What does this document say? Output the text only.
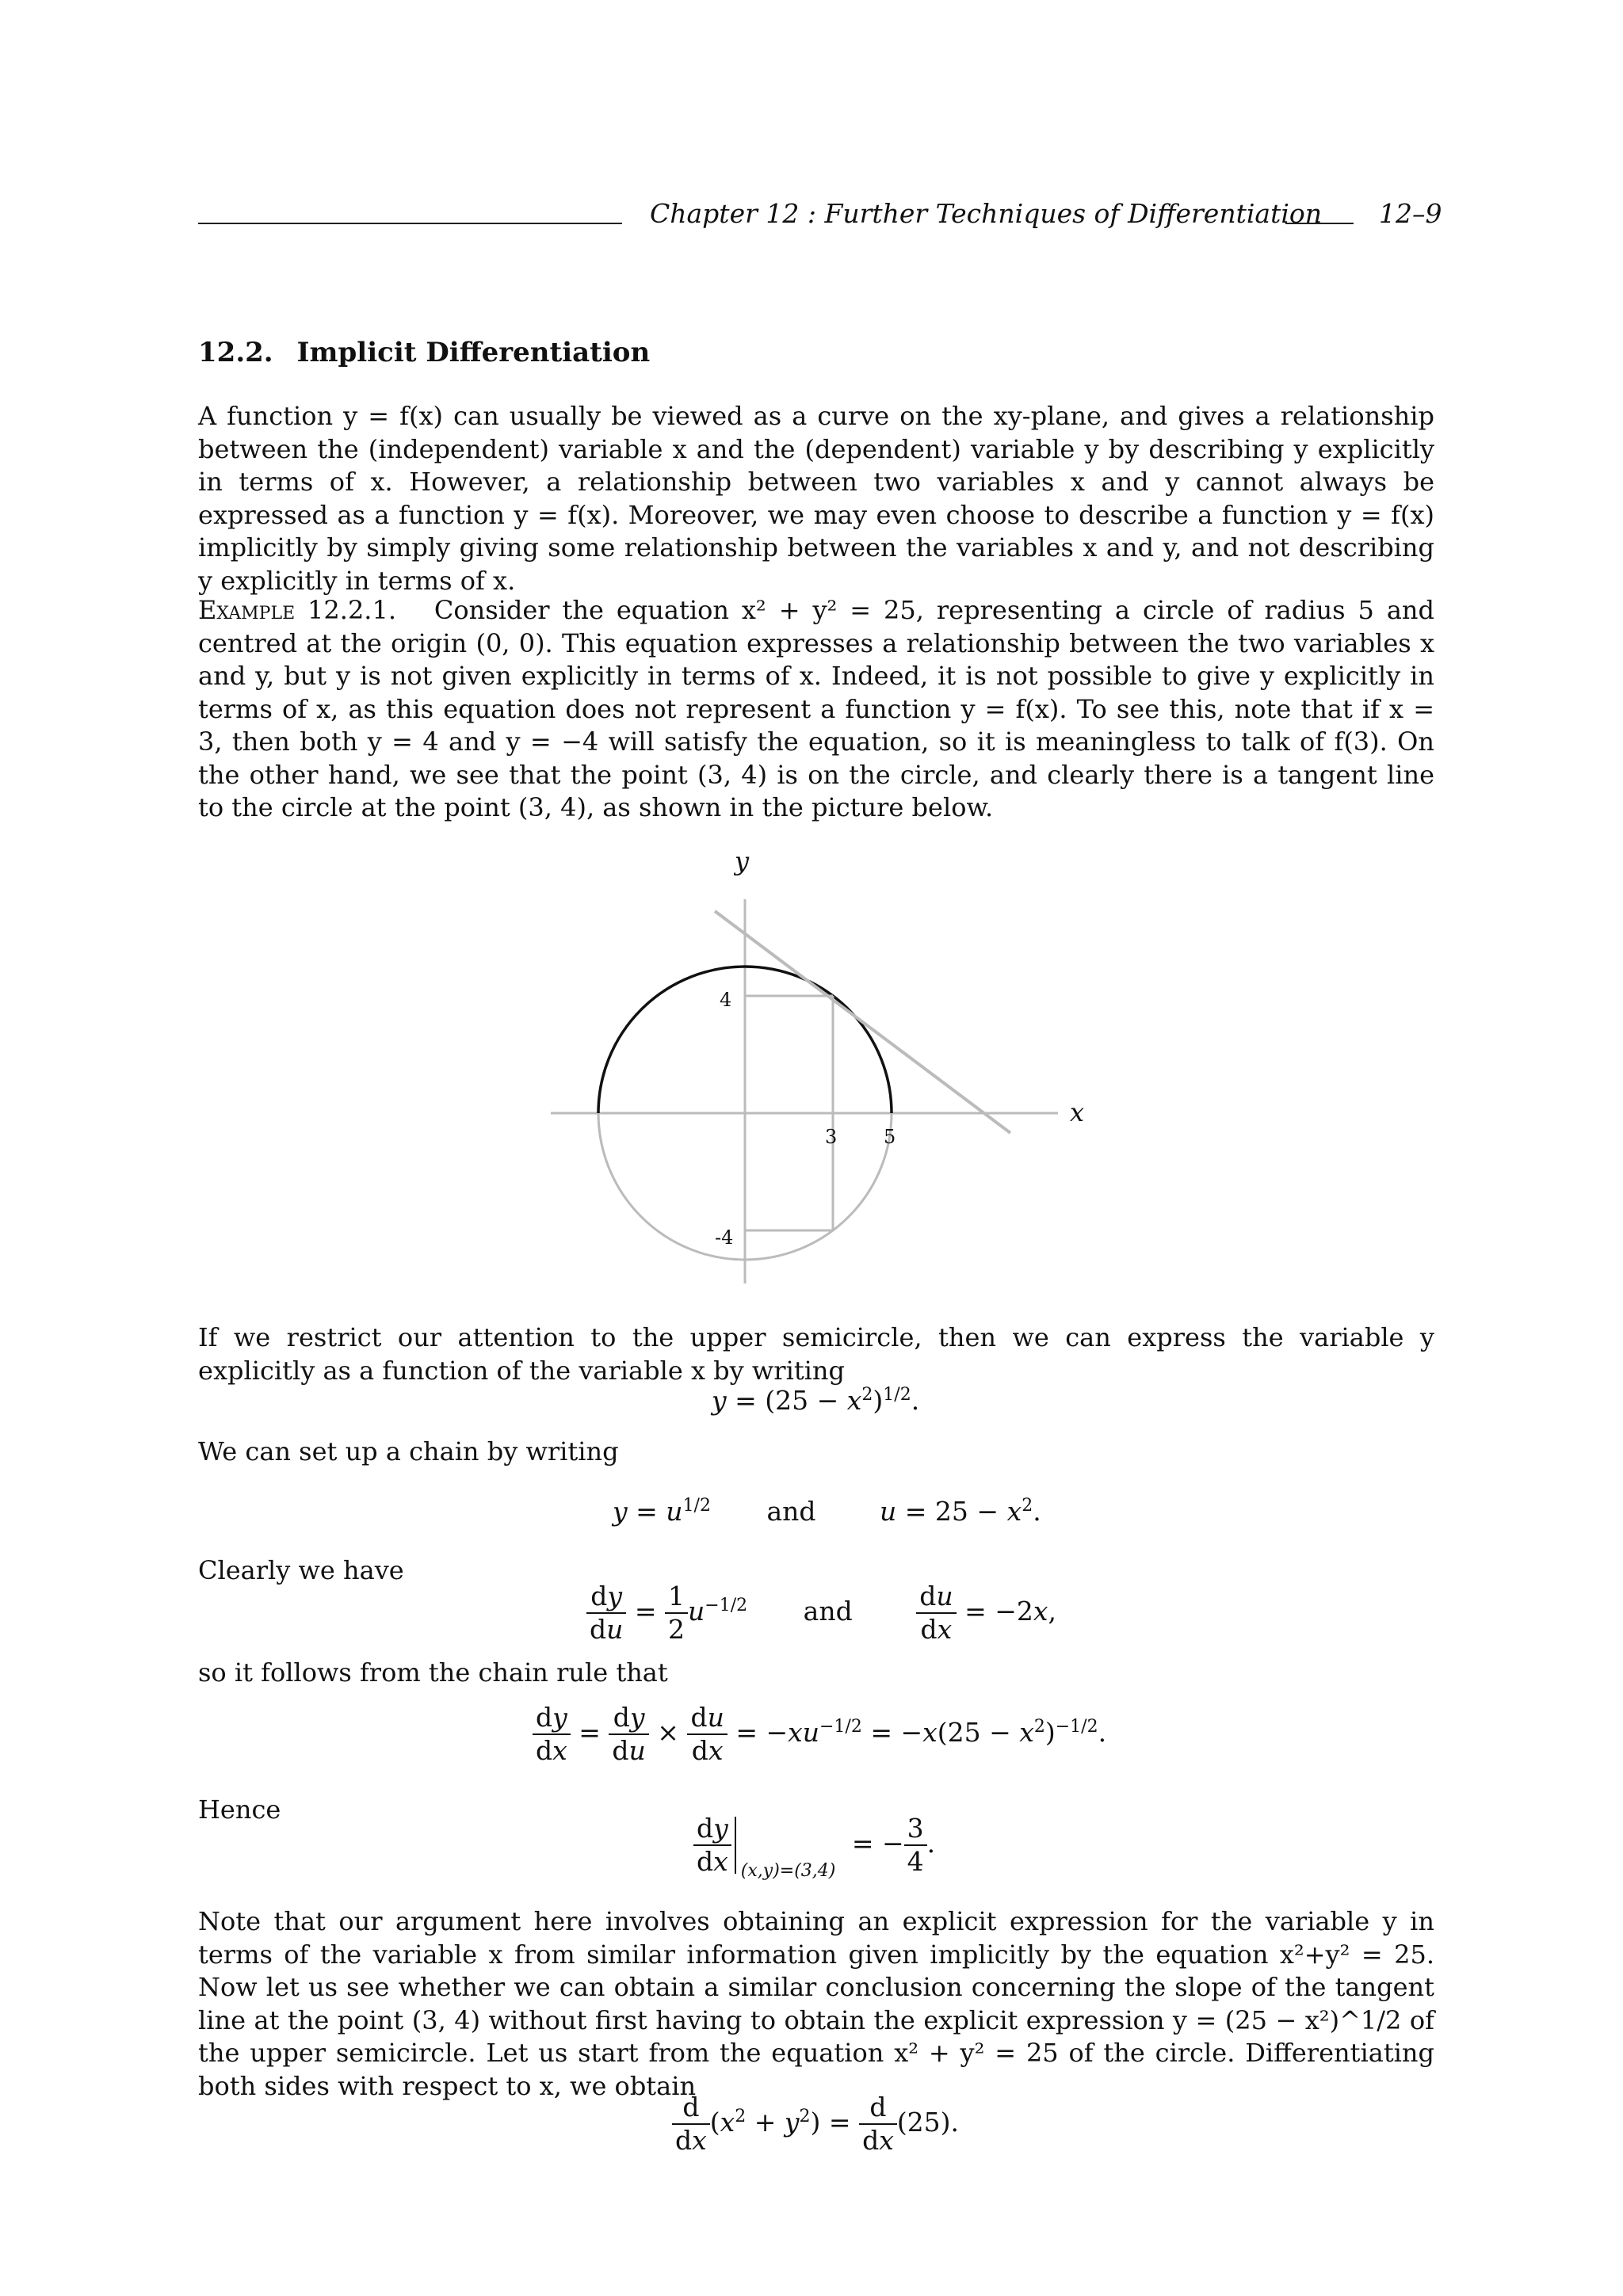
Chapter 12 : Further Techniques of Differentiation 12–9
12.2. Implicit Differentiation
A function y = f(x) can usually be viewed as a curve on the xy-plane, and gives a relationship between the (independent) variable x and the (dependent) variable y by describing y explicitly in terms of x. However, a relationship between two variables x and y cannot always be expressed as a function y = f(x). Moreover, we may even choose to describe a function y = f(x) implicitly by simply giving some relationship between the variables x and y, and not describing y explicitly in terms of x.
Example 12.2.1. Consider the equation x² + y² = 25, representing a circle of radius 5 and centred at the origin (0, 0). This equation expresses a relationship between the two variables x and y, but y is not given explicitly in terms of x. Indeed, it is not possible to give y explicitly in terms of x, as this equation does not represent a function y = f(x). To see this, note that if x = 3, then both y = 4 and y = −4 will satisfy the equation, so it is meaningless to talk of f(3). On the other hand, we see that the point (3, 4) is on the circle, and clearly there is a tangent line to the circle at the point (3, 4), as shown in the picture below.
y
x
4
-4
3 5
If we restrict our attention to the upper semicircle, then we can express the variable y explicitly as a function of the variable x by writing
$y = (25 - x^2)^{1/2}$.
We can set up a chain by writing
$y = u^{1/2}$ and $u = 25 - x^2$.
Clearly we have
$\frac{dy}{du} = \frac{1}{2} u^{-1/2}$ and $\frac{du}{dx} = -2x$,
so it follows from the chain rule that
$\frac{dy}{dx} = \frac{dy}{du} \times \frac{du}{dx} = -xu^{-1/2} = -x(25 - x^2)^{-1/2}$.
Hence
$\frac{dy}{dx} _{(x,y)=(3,4)}$ = − $\frac{3}{4}$ .
Note that our argument here involves obtaining an explicit expression for the variable y in terms of the variable x from similar information given implicitly by the equation x²+y² = 25. Now let us see whether we can obtain a similar conclusion concerning the slope of the tangent line at the point (3, 4) without first having to obtain the explicit expression y = (25 − x²)^1/2 of the upper semicircle. Let us start from the equation x² + y² = 25 of the circle. Differentiating both sides with respect to x, we obtain
$\frac{d}{dx} (x^2 + y^2) = \frac{d}{dx} (25)$.
